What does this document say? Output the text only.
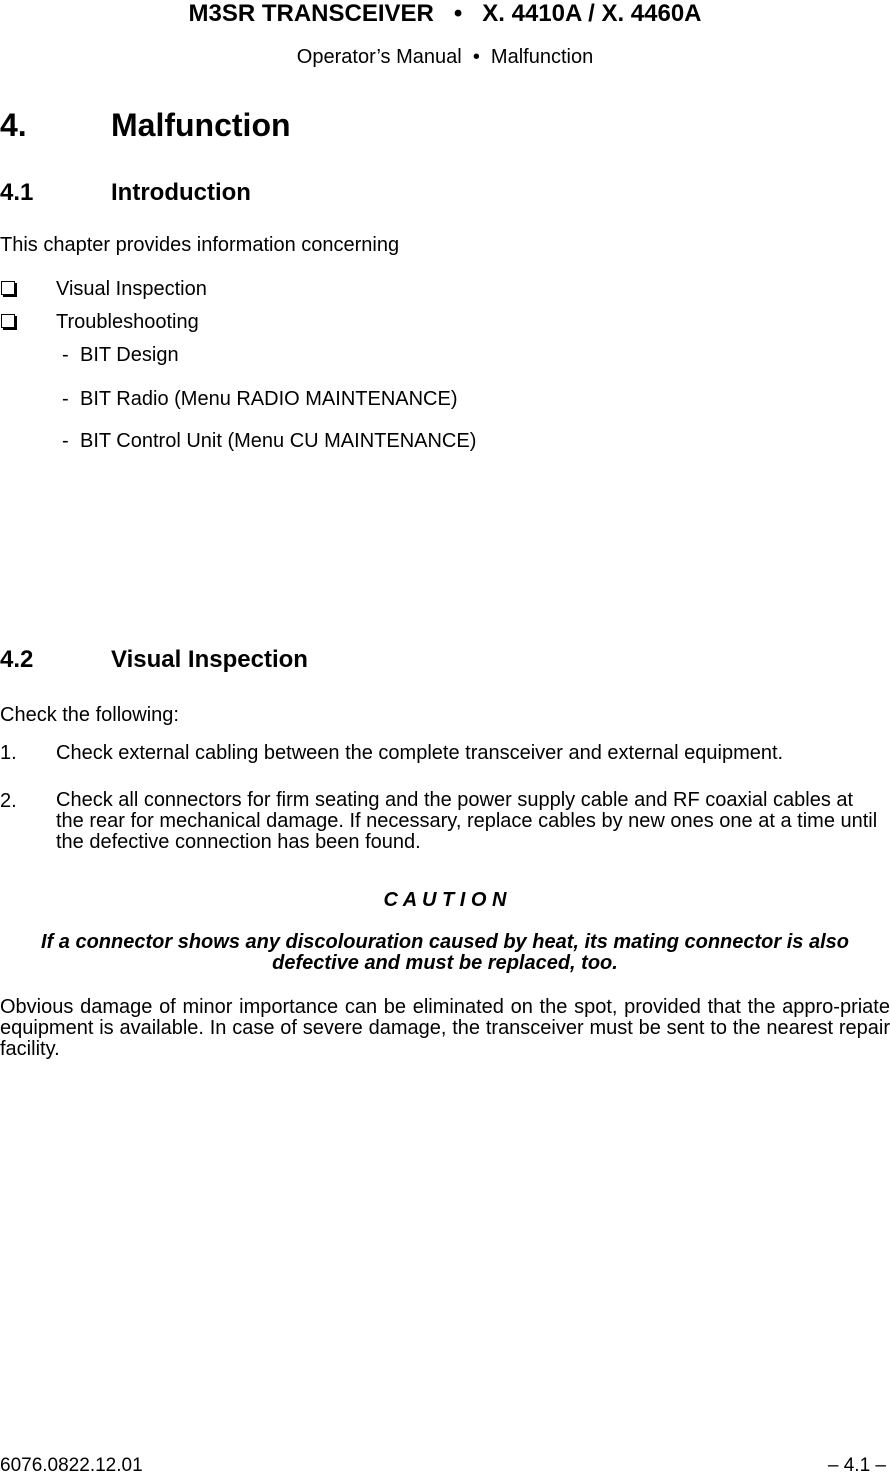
M3SR TRANSCEIVER   •   X. 4410A / X. 4460A
Operator’s Manual  •  Malfunction
4.	Malfunction
4.1	Introduction
This chapter provides information concerning
Visual Inspection
Troubleshooting
- BIT Design
- BIT Radio (Menu RADIO MAINTENANCE)
- BIT Control Unit (Menu CU MAINTENANCE)
4.2	Visual Inspection
Check the following:
1. Check external cabling between the complete transceiver and external equipment.
2. Check all connectors for firm seating and the power supply cable and RF coaxial cables at the rear for mechanical damage. If necessary, replace cables by new ones one at a time until the defective connection has been found.
C A U T I O N
If a connector shows any discolouration caused by heat, its mating connector is also defective and must be replaced, too.
Obvious damage of minor importance can be eliminated on the spot, provided that the appro-priate equipment is available. In case of severe damage, the transceiver must be sent to the nearest repair facility.
6076.0822.12.01	– 4.1 –
